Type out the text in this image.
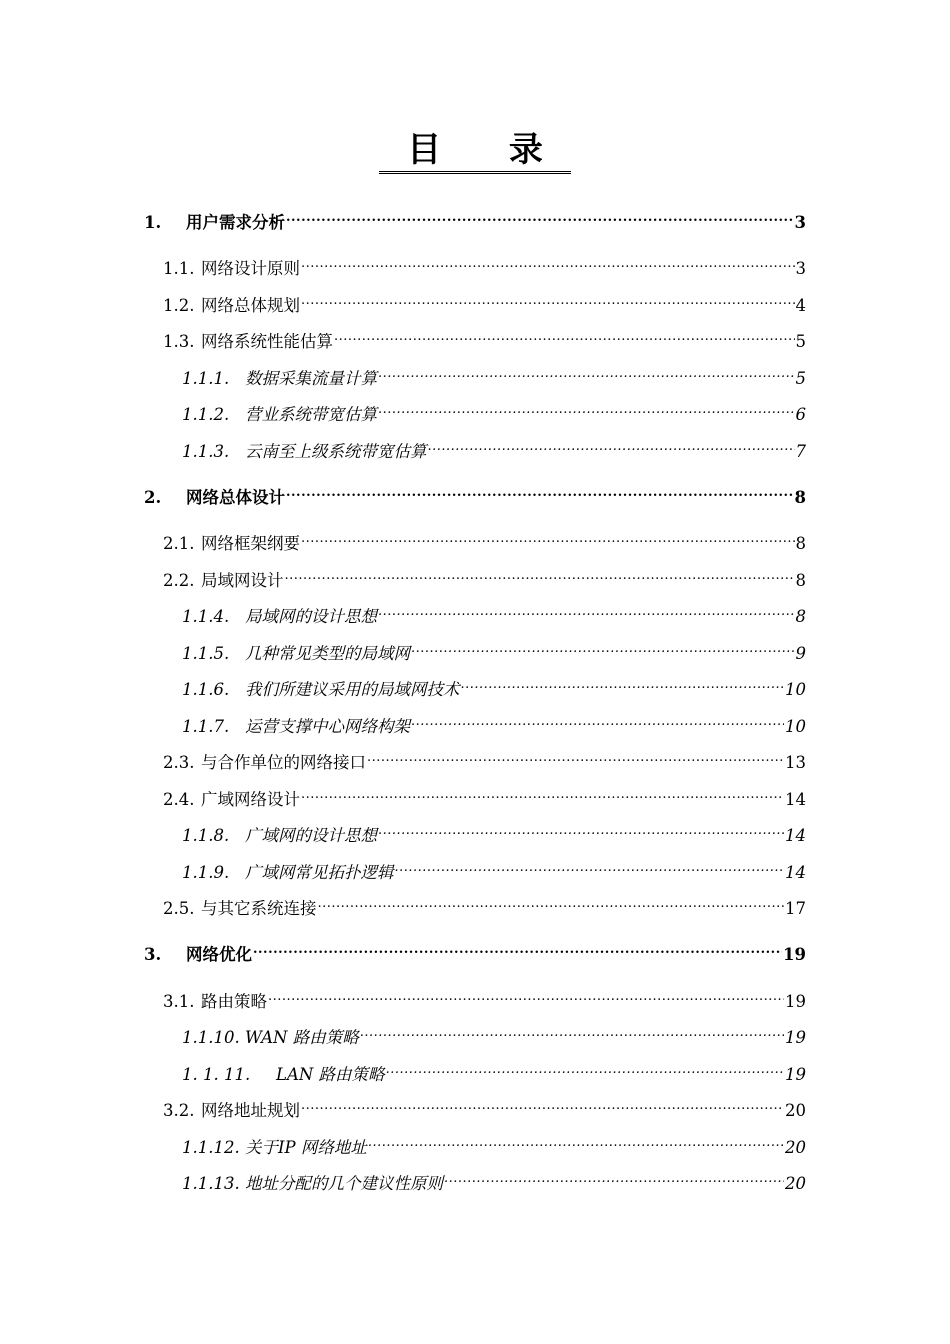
目 录
1.	用户需求分析 .....	3
1.1. 网络设计原则 .....	3
1.2. 网络总体规划 .....	4
1.3. 网络系统性能估算 .....	5
1.1.1. 数据采集流量计算 .....	5
1.1.2. 营业系统带宽估算 .....	6
1.1.3. 云南至上级系统带宽估算 .....	7
2.	网络总体设计 .....	8
2.1. 网络框架纲要 .....	8
2.2. 局域网设计 .....	8
1.1.4. 局域网的设计思想 .....	8
1.1.5. 几种常见类型的局域网 .....	9
1.1.6. 我们所建议采用的局域网技术 .....	10
1.1.7. 运营支撑中心网络构架 .....	10
2.3. 与合作单位的网络接口 .....	13
2.4. 广域网络设计 .....	14
1.1.8. 广域网的设计思想 .....	14
1.1.9. 广域网常见拓扑逻辑 .....	14
2.5. 与其它系统连接 .....	17
3.	网络优化 .....	19
3.1. 路由策略 .....	19
1.1.10. WAN 路由策略 .....	19
1. 1. 11.	LAN 路由策略 .....	19
3.2. 网络地址规划 .....	20
1.1.12. 关于IP 网络地址 .....	20
1.1.13. 地址分配的几个建议性原则 .....	20
